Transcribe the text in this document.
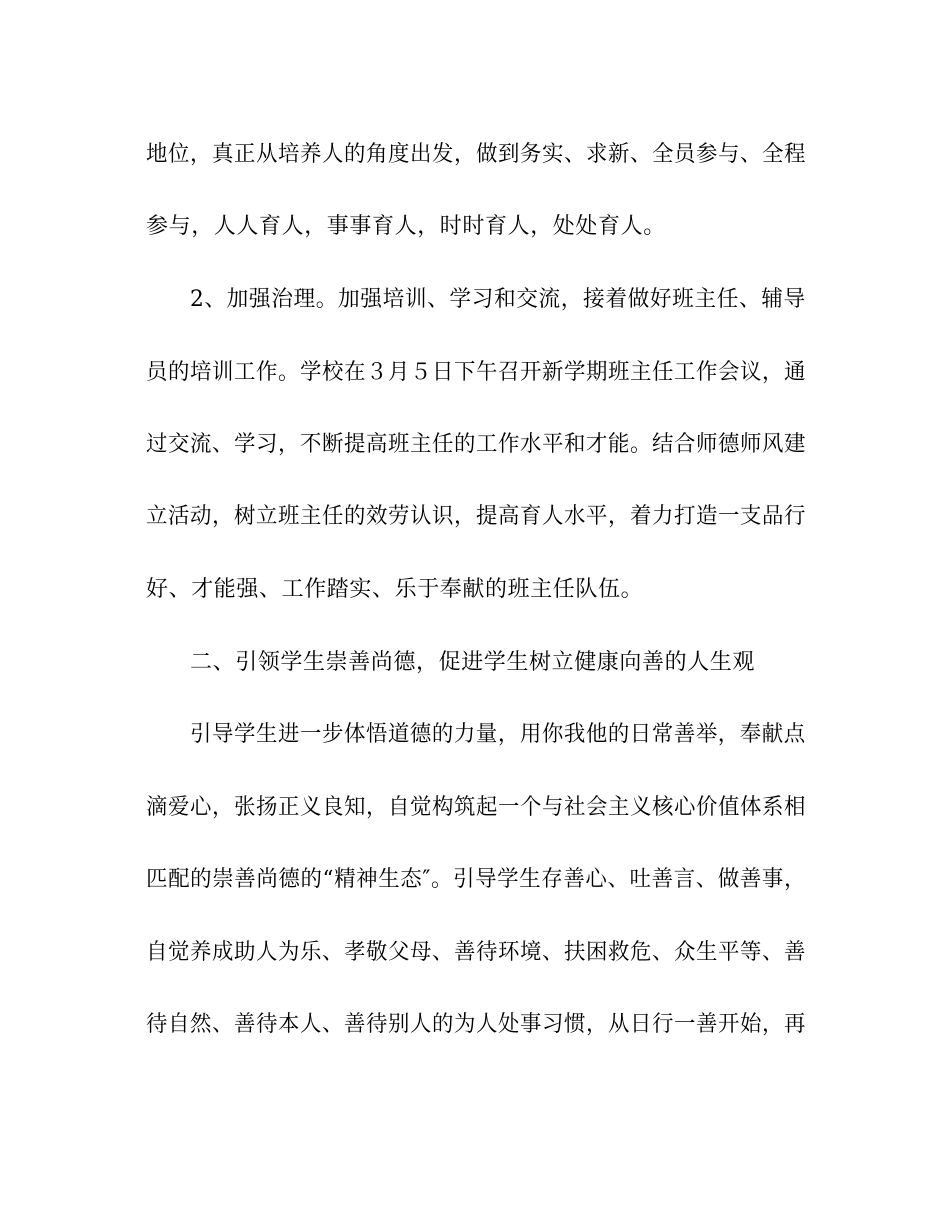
地位，真正从培养人的角度出发，做到务实、求新、全员参与、全程
参与，人人育人，事事育人，时时育人，处处育人。
2、加强治理。加强培训、学习和交流，接着做好班主任、辅导
员的培训工作。学校在３月５日下午召开新学期班主任工作会议，通
过交流、学习，不断提高班主任的工作水平和才能。结合师德师风建
立活动，树立班主任的效劳认识，提高育人水平，着力打造一支品行
好、才能强、工作踏实、乐于奉献的班主任队伍。
二、引领学生崇善尚德，促进学生树立健康向善的人生观
引导学生进一步体悟道德的力量，用你我他的日常善举，奉献点
滴爱心，张扬正义良知，自觉构筑起一个与社会主义核心价值体系相
匹配的崇善尚德的“精神生态″。引导学生存善心、吐善言、做善事，
自觉养成助人为乐、孝敬父母、善待环境、扶困救危、众生平等、善
待自然、善待本人、善待别人的为人处事习惯，从日行一善开始，再
